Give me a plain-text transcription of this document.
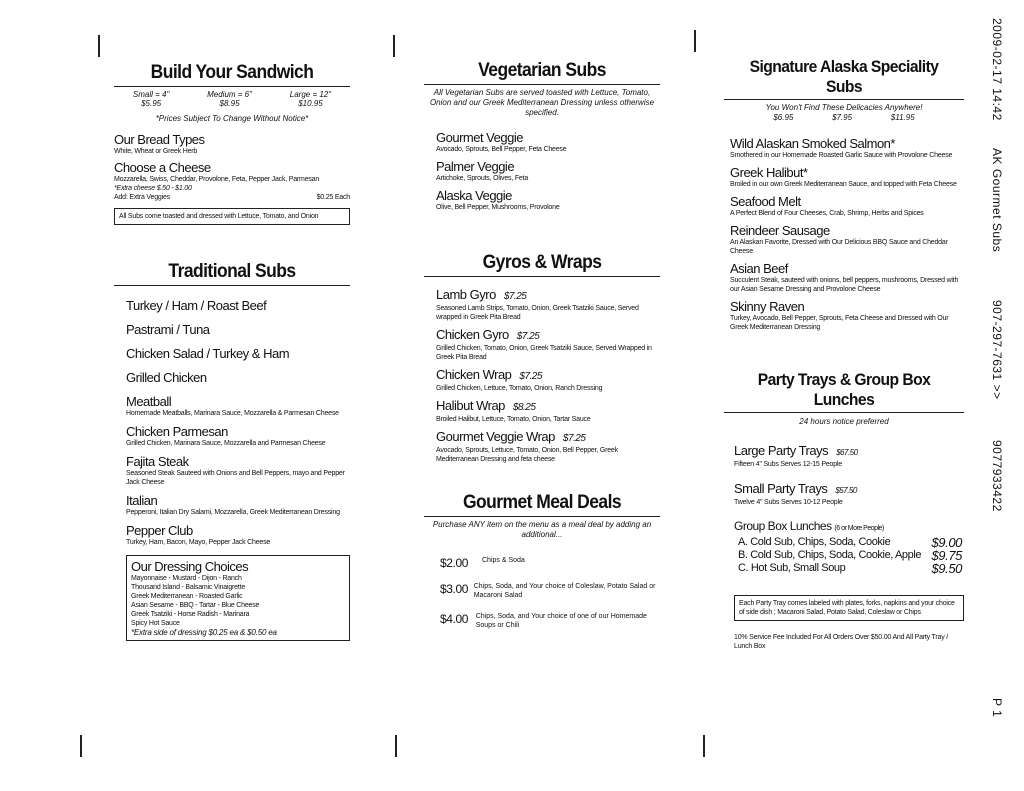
Build Your Sandwich
Small = 4"
$5.95
Medium = 6"
$8.95
Large = 12"
$10.95
*Prices Subject To Change Without Notice*
Our Bread Types
White, Wheat or Greek Herb
Choose a Cheese
Mozzarella, Swiss, Cheddar, Provolone, Feta, Pepper Jack, Parmesan
*Extra cheese $.50 - $1.00
Add: Extra Veggies	$0.25 Each
All Subs come toasted and dressed with Lettuce, Tomato, and Onion
Traditional Subs
Turkey / Ham / Roast Beef
Pastrami / Tuna
Chicken Salad / Turkey & Ham
Grilled Chicken
Meatball
Homemade Meatballs, Marinara Sauce, Mozzarella & Parmesan Cheese
Chicken Parmesan
Grilled Chicken, Marinara Sauce, Mozzarella and Parmesan Cheese
Fajita Steak
Seasoned Steak Sauteed with Onions and Bell Peppers, mayo and Pepper Jack Cheese
Italian
Pepperoni, Italian Dry Salami, Mozzarella, Greek Mediterranean Dressing
Pepper Club
Turkey, Ham, Bacon, Mayo, Pepper Jack Cheese
Our Dressing Choices
Mayonnaise - Mustard - Dijon - Ranch
Thousand Island - Balsamic Vinaigrette
Greek Mediterranean - Roasted Garlic
Asian Sesame - BBQ - Tartar - Blue Cheese
Greek Tsatziki - Horse Radish - Marinara
Spicy Hot Sauce
*Extra side of dressing $0.25 ea & $0.50 ea
Vegetarian Subs
All Vegetarian Subs are served toasted with Lettuce, Tomato, Onion and our Greek Mediterranean Dressing unless otherwise specified.
Gourmet Veggie
Avocado, Sprouts, Bell Pepper, Feta Cheese
Palmer Veggie
Artichoke, Sprouts, Olives, Feta
Alaska Veggie
Olive, Bell Pepper, Mushrooms, Provolone
Gyros & Wraps
Lamb Gyro $7.25
Seasoned Lamb Strips, Tomato, Onion, Greek Tsatziki Sauce, Served wrapped in Greek Pita Bread
Chicken Gyro $7.25
Grilled Chicken, Tomato, Onion, Greek Tsatziki Sauce, Served Wrapped in Greek Pita Bread
Chicken Wrap $7.25
Grilled Chicken, Lettuce, Tomato, Onion, Ranch Dressing
Halibut Wrap $8.25
Broiled Halibut, Lettuce, Tomato, Onion, Tartar Sauce
Gourmet Veggie Wrap $7.25
Avocado, Sprouts, Lettuce, Tomato, Onion, Bell Pepper, Greek Mediterranean Dressing and feta cheese
Gourmet Meal Deals
Purchase ANY item on the menu as a meal deal by adding an additional...
$2.00	Chips & Soda
$3.00 Chips, Soda, and Your choice of Coleslaw, Potato Salad or Macaroni Salad
$4.00	Chips, Soda, and Your choice of one of our Homemade Soups or Chili
Signature Alaska Speciality Subs
You Won't Find These Delicacies Anywhere!
$6.95	$7.95	$11.95
Wild Alaskan Smoked Salmon*
Smothered in our Homemade Roasted Garlic Sauce with Provolone Cheese
Greek Halibut*
Broiled in our own Greek Mediterranean Sauce, and topped with Feta Cheese
Seafood Melt
A Perfect Blend of Four Cheeses, Crab, Shrimp, Herbs and Spices
Reindeer Sausage
An Alaskan Favorite, Dressed with Our Delicious BBQ Sauce and Cheddar Cheese
Asian Beef
Succulent Steak, sauteed with onions, bell peppers, mushrooms, Dressed with our Asian Sesame Dressing and Provolone Cheese
Skinny Raven
Turkey, Avocado, Bell Pepper, Sprouts, Feta Cheese and Dressed with Our Greek Mediterranean Dressing
Party Trays & Group Box Lunches
24 hours notice preferred
Large Party Trays $67.50
Fifteen 4" Subs Serves 12-15 People
Small Party Trays $57.50
Twelve 4" Subs Serves 10-12 People
Group Box Lunches (6 or More People)
A. Cold Sub, Chips, Soda, Cookie	$9.00
B. Cold Sub, Chips, Soda, Cookie, Apple $9.75
C. Hot Sub, Small Soup	$9.50
Each Party Tray comes labeled with plates, forks, napkins and your choice of side dish ; Macaroni Salad, Potato Salad, Coleslaw or Chips
10% Service Fee Included For All Orders Over $50.00 And All Party Tray / Lunch Box
2009-02-17 14:42
AK Gourmet Subs
907-297-7631 >>
9077933422
P 1
